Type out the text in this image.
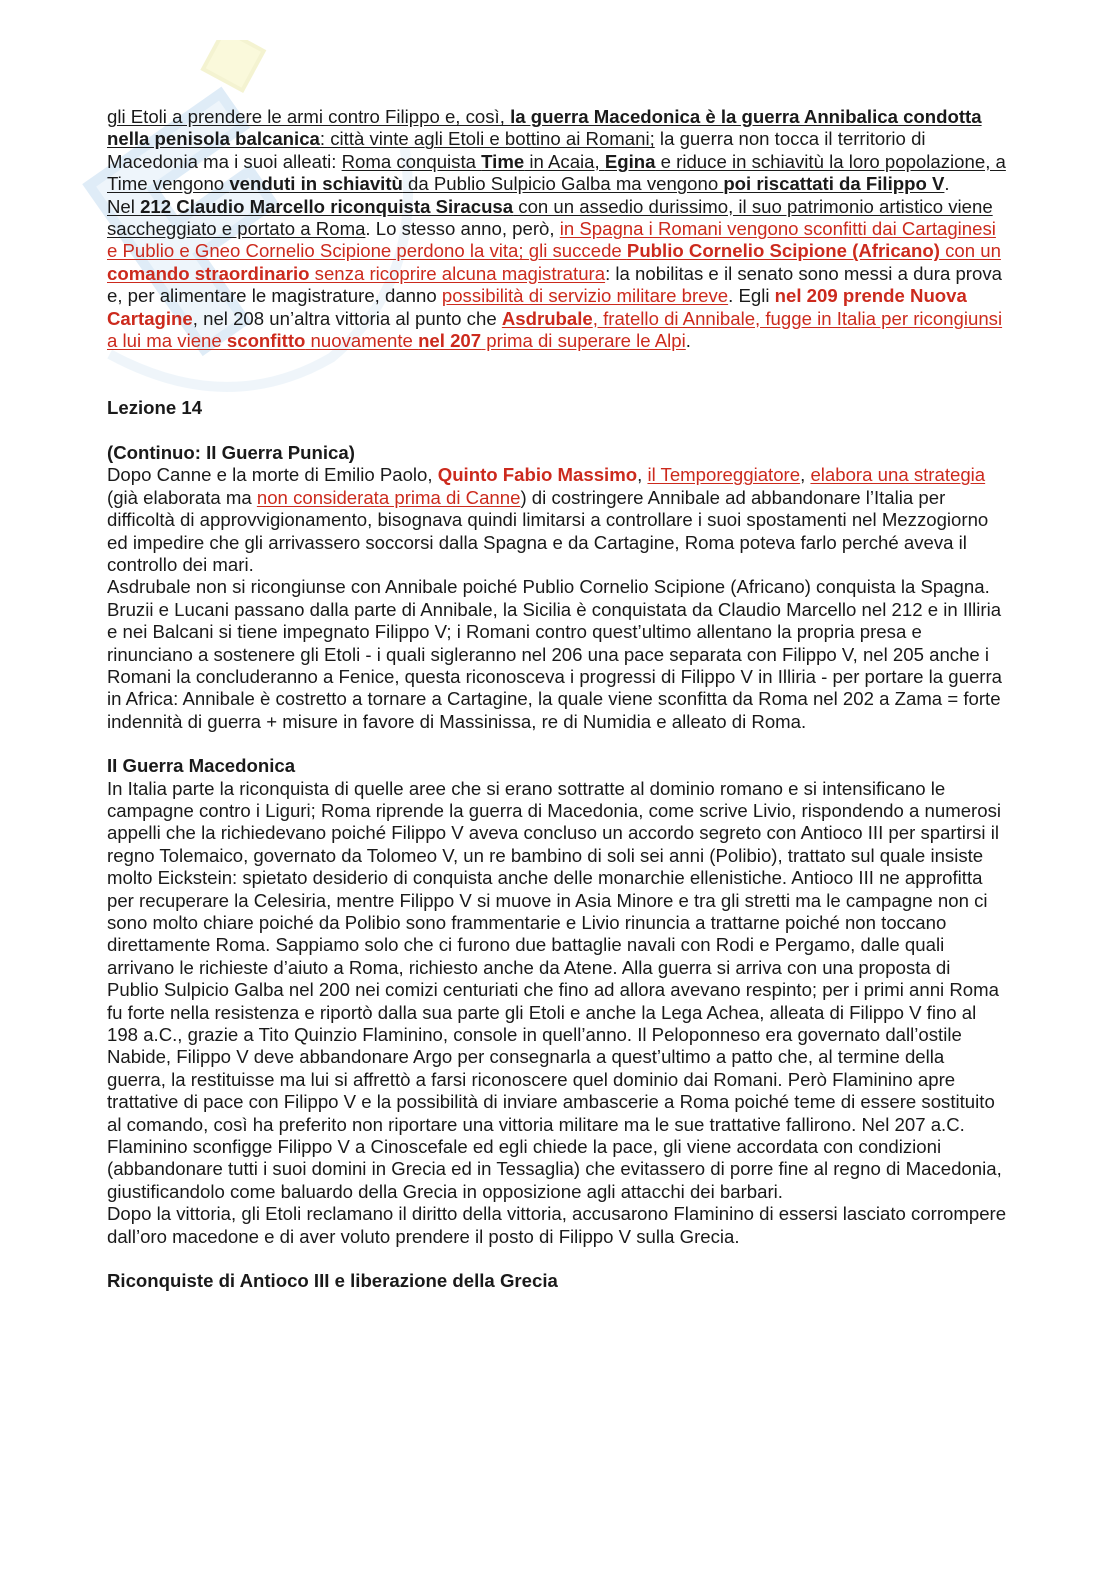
gli Etoli a prendere le armi contro Filippo e, così, la guerra Macedonica è la guerra Annibalica condotta nella penisola balcanica: città vinte agli Etoli e bottino ai Romani; la guerra non tocca il territorio di Macedonia ma i suoi alleati: Roma conquista Time in Acaia, Egina e riduce in schiavitù la loro popolazione, a Time vengono venduti in schiavitù da Publio Sulpicio Galba ma vengono poi riscattati da Filippo V.

Nel 212 Claudio Marcello riconquista Siracusa con un assedio durissimo, il suo patrimonio artistico viene saccheggiato e portato a Roma. Lo stesso anno, però, in Spagna i Romani vengono sconfitti dai Cartaginesi e Publio e Gneo Cornelio Scipione perdono la vita; gli succede Publio Cornelio Scipione (Africano) con un comando straordinario senza ricoprire alcuna magistratura: la nobilitas e il senato sono messi a dura prova e, per alimentare le magistrature, danno possibilità di servizio militare breve. Egli nel 209 prende Nuova Cartagine, nel 208 un’altra vittoria al punto che Asdrubale, fratello di Annibale, fugge in Italia per ricongiunsi a lui ma viene sconfitto nuovamente nel 207 prima di superare le Alpi.

Lezione 14

(Continuo: II Guerra Punica)

Dopo Canne e la morte di Emilio Paolo, Quinto Fabio Massimo, il Temporeggiatore, elabora una strategia (già elaborata ma non considerata prima di Canne) di costringere Annibale ad abbandonare l’Italia per difficoltà di approvvigionamento, bisognava quindi limitarsi a controllare i suoi spostamenti nel Mezzogiorno ed impedire che gli arrivassero soccorsi dalla Spagna e da Cartagine, Roma poteva farlo perché aveva il controllo dei mari.

Asdrubale non si ricongiunse con Annibale poiché Publio Cornelio Scipione (Africano) conquista la Spagna. Bruzii e Lucani passano dalla parte di Annibale, la Sicilia è conquistata da Claudio Marcello nel 212 e in Illiria e nei Balcani si tiene impegnato Filippo V; i Romani contro quest’ultimo allentano la propria presa e rinunciano a sostenere gli Etoli - i quali sigleranno nel 206 una pace separata con Filippo V, nel 205 anche i Romani la concluderanno a Fenice, questa riconosceva i progressi di Filippo V in Illiria - per portare la guerra in Africa: Annibale è costretto a tornare a Cartagine, la quale viene sconfitta da Roma nel 202 a Zama = forte indennità di guerra + misure in favore di Massinissa, re di Numidia e alleato di Roma.

II Guerra Macedonica

In Italia parte la riconquista di quelle aree che si erano sottratte al dominio romano e si intensificano le campagne contro i Liguri; Roma riprende la guerra di Macedonia, come scrive Livio, rispondendo a numerosi appelli che la richiedevano poiché Filippo V aveva concluso un accordo segreto con Antioco III per spartirsi il regno Tolemaico, governato da Tolomeo V, un re bambino di soli sei anni (Polibio), trattato sul quale insiste molto Eickstein: spietato desiderio di conquista anche delle monarchie ellenistiche. Antioco III ne approfitta per recuperare la Celesiria, mentre Filippo V si muove in Asia Minore e tra gli stretti ma le campagne non ci sono molto chiare poiché da Polibio sono frammentarie e Livio rinuncia a trattarne poiché non toccano direttamente Roma. Sappiamo solo che ci furono due battaglie navali con Rodi e Pergamo, dalle quali arrivano le richieste d’aiuto a Roma, richiesto anche da Atene. Alla guerra si arriva con una proposta di Publio Sulpicio Galba nel 200 nei comizi centuriati che fino ad allora avevano respinto; per i primi anni Roma fu forte nella resistenza e riportò dalla sua parte gli Etoli e anche la Lega Achea, alleata di Filippo V fino al 198 a.C., grazie a Tito Quinzio Flaminino, console in quell’anno. Il Peloponneso era governato dall’ostile Nabide, Filippo V deve abbandonare Argo per consegnarla a quest’ultimo a patto che, al termine della guerra, la restituisse ma lui si affrettò a farsi riconoscere quel dominio dai Romani. Però Flaminino apre trattative di pace con Filippo V e la possibilità di inviare ambascerie a Roma poiché teme di essere sostituito al comando, così ha preferito non riportare una vittoria militare ma le sue trattative fallirono. Nel 207 a.C. Flaminino sconfigge Filippo V a Cinoscefale ed egli chiede la pace, gli viene accordata con condizioni (abbandonare tutti i suoi domini in Grecia ed in Tessaglia) che evitassero di porre fine al regno di Macedonia, giustificandolo come baluardo della Grecia in opposizione agli attacchi dei barbari.

Dopo la vittoria, gli Etoli reclamano il diritto della vittoria, accusarono Flaminino di essersi lasciato corrompere dall’oro macedone e di aver voluto prendere il posto di Filippo V sulla Grecia.

Riconquiste di Antioco III e liberazione della Grecia
